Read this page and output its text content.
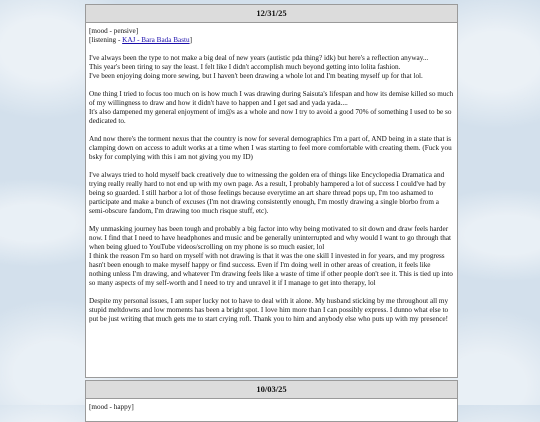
12/31/25
[mood - pensive]
[listening - KAJ - Bara Bada Bastu]

I've always been the type to not make a big deal of new years (autistic pda thing? idk) but here's a reflection anyway...
This year's been tiring to say the least. I felt like I didn't accomplish much beyond getting into lolita fashion.
I've been enjoying doing more sewing, but I haven't been drawing a whole lot and I'm beating myself up for that lol.

One thing I tried to focus too much on is how much I was drawing during Saisuta's lifespan and how its demise killed so much of my willingness to draw and how it didn't have to happen and I get sad and yada yada....
It's also dampened my general enjoyment of im@s as a whole and now I try to avoid a good 70% of something I used to be so dedicated to.

And now there's the torment nexus that the country is now for several demographics I'm a part of, AND being in a state that is clamping down on access to adult works at a time when I was starting to feel more comfortable with creating them. (Fuck you bsky for complying with this i am not giving you my ID)

I've always tried to hold myself back creatively due to witnessing the golden era of things like Encyclopedia Dramatica and trying really really hard to not end up with my own page. As a result, I probably hampered a lot of success I could've had by being so guarded. I still harbor a lot of those feelings because everytime an art share thread pops up, I'm too ashamed to participate and make a bunch of excuses (I'm not drawing consistently enough, I'm mostly drawing a single blorbo from a semi-obscure fandom, I'm drawing too much risque stuff, etc).

My unmasking journey has been tough and probably a big factor into why being motivated to sit down and draw feels harder now. I find that I need to have headphones and music and be generally uninterrupted and why would I want to go through that when being glued to YouTube videos/scrolling on my phone is so much easier, lol
I think the reason I'm so hard on myself with not drawing is that it was the one skill I invested in for years, and my progress hasn't been enough to make myself happy or find success. Even if I'm doing well in other areas of creation, it feels like nothing unless I'm drawing, and whatever I'm drawing feels like a waste of time if other people don't see it. This is tied up into so many aspects of my self-worth and I need to try and unravel it if I manage to get into therapy, lol

Despite my personal issues, I am super lucky not to have to deal with it alone. My husband sticking by me throughout all my stupid meltdowns and low moments has been a bright spot. I love him more than I can possibly express. I dunno what else to put be just writing that much gets me to start crying rofl. Thank you to him and anybody else who puts up with my presence!

10/03/25
[mood - happy]
